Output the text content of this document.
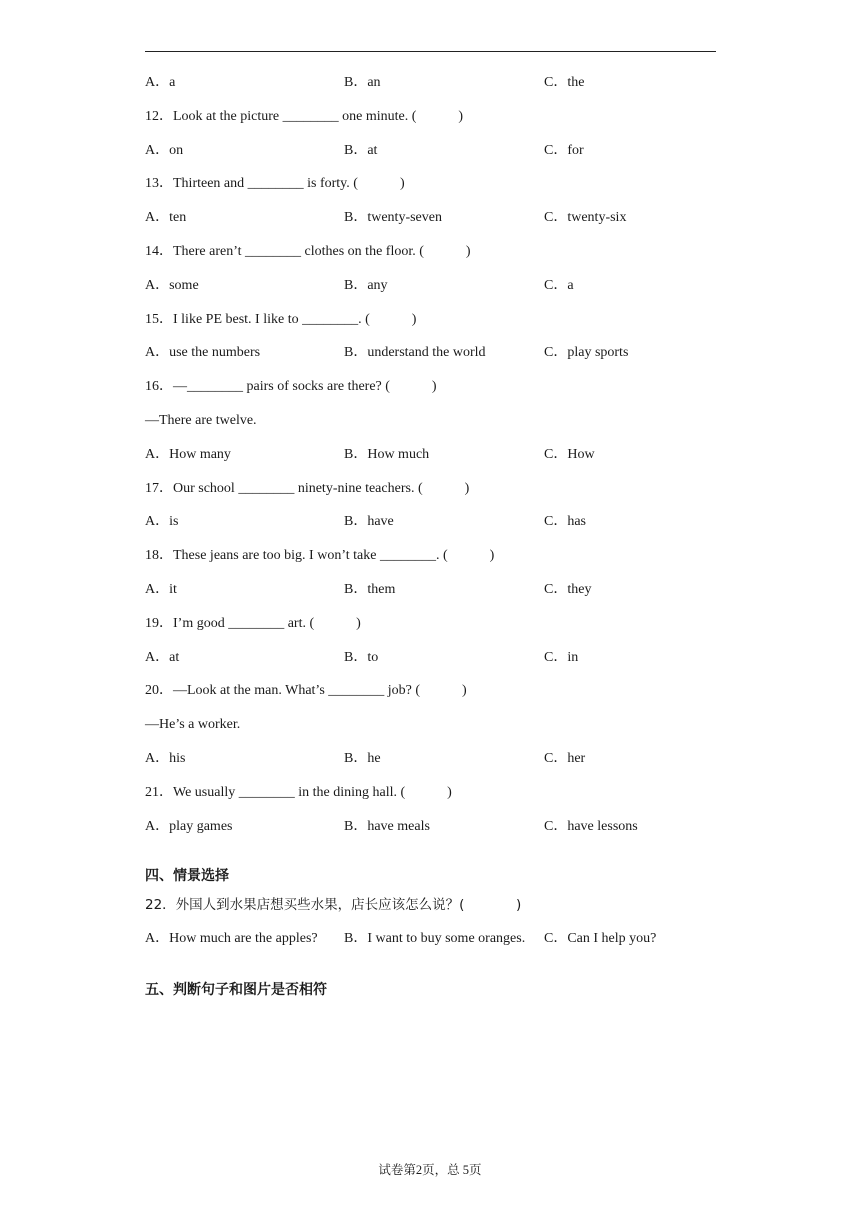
A．a	B．an	C．the
12．Look at the picture ________ one minute. (            )
A．on	B．at	C．for
13．Thirteen and ________ is forty. (            )
A．ten	B．twenty-seven	C．twenty-six
14．There aren’t ________ clothes on the floor. (            )
A．some	B．any	C．a
15．I like PE best. I like to ________. (            )
A．use the numbers	B．understand the world	C．play sports
16．—________ pairs of socks are there? (            )
—There are twelve.
A．How many	B．How much	C．How
17．Our school ________ ninety-nine teachers. (            )
A．is	B．have	C．has
18．These jeans are too big. I won’t take ________. (            )
A．it	B．them	C．they
19．I’m good ________ art. (            )
A．at	B．to	C．in
20．—Look at the man. What’s ________ job? (            )
—He’s a worker.
A．his	B．he	C．her
21．We usually ________ in the dining hall. (            )
A．play games	B．have meals	C．have lessons
四、情景选择
22．外国人到水果店想买些水果，店长应该怎么说？(            )
A．How much are the apples? B．I want to buy some oranges. C．Can I help you?
五、判断句子和图片是否相符
试卷第2页，总 5页
